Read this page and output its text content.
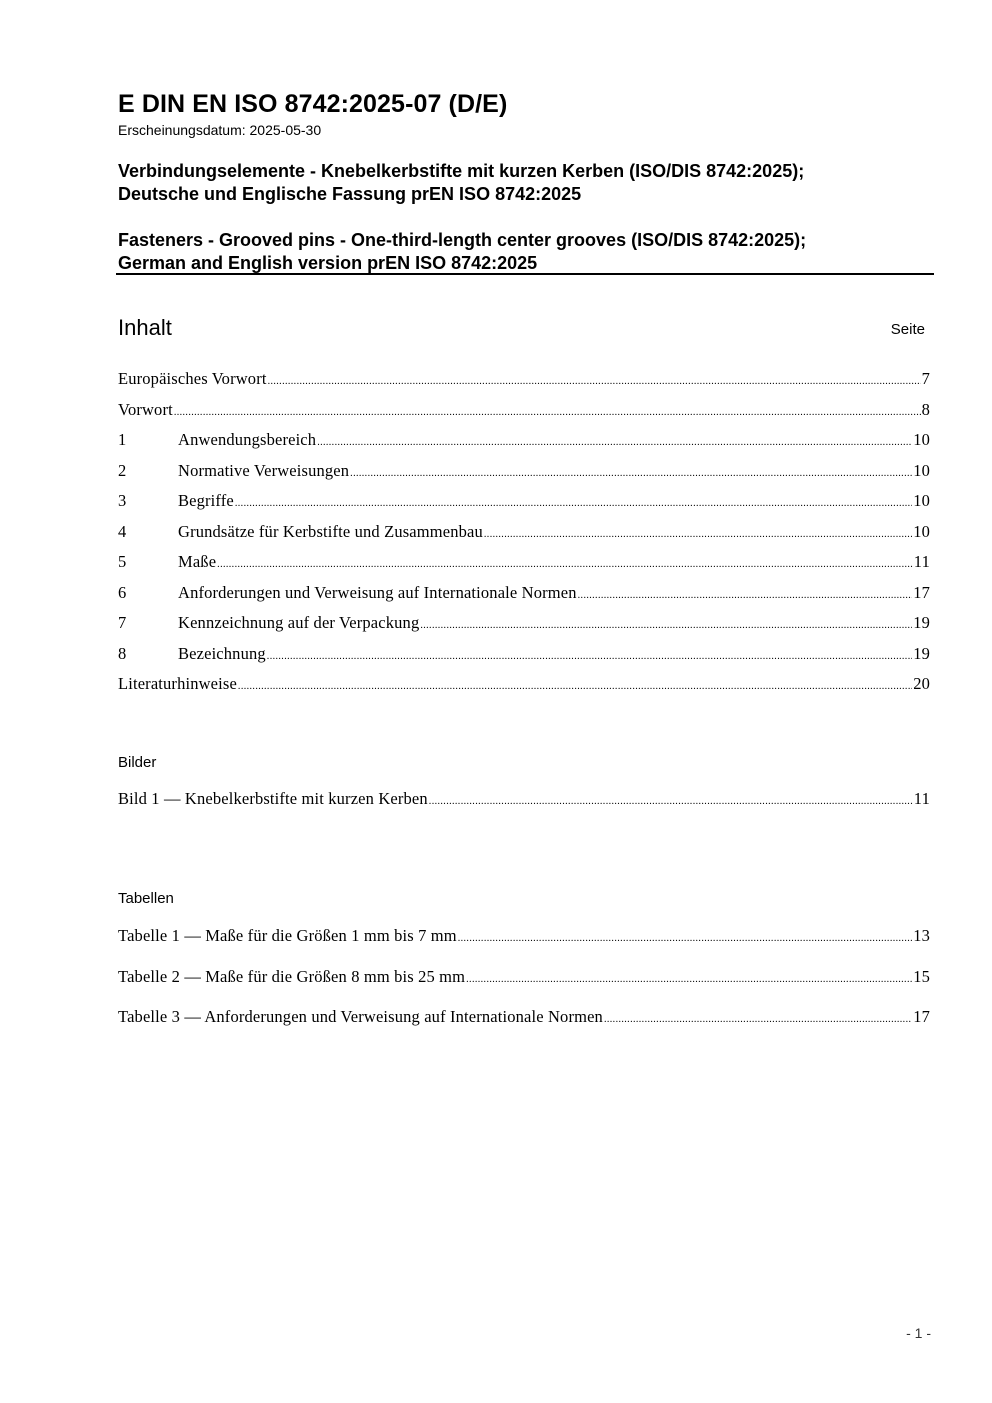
E DIN EN ISO 8742:2025-07 (D/E)
Erscheinungsdatum: 2025-05-30
Verbindungselemente - Knebelkerbstifte mit kurzen Kerben (ISO/DIS 8742:2025);
Deutsche und Englische Fassung prEN ISO 8742:2025
Fasteners - Grooved pins - One-third-length center grooves (ISO/DIS 8742:2025);
German and English version prEN ISO 8742:2025
Inhalt	Seite
Europäisches Vorwort .....	7
Vorwort .....	8
1	Anwendungsbereich .....	10
2	Normative Verweisungen .....	10
3	Begriffe .....	10
4	Grundsätze für Kerbstifte und Zusammenbau .....	10
5	Maße .....	11
6	Anforderungen und Verweisung auf Internationale Normen .....	17
7	Kennzeichnung auf der Verpackung .....	19
8	Bezeichnung .....	19
Literaturhinweise .....	20
Bilder
Bild 1 — Knebelkerbstifte mit kurzen Kerben .....	11
Tabellen
Tabelle 1 — Maße für die Größen 1 mm bis 7 mm .....	13
Tabelle 2 — Maße für die Größen 8 mm bis 25 mm .....	15
Tabelle 3 — Anforderungen und Verweisung auf Internationale Normen .....	17
- 1 -
